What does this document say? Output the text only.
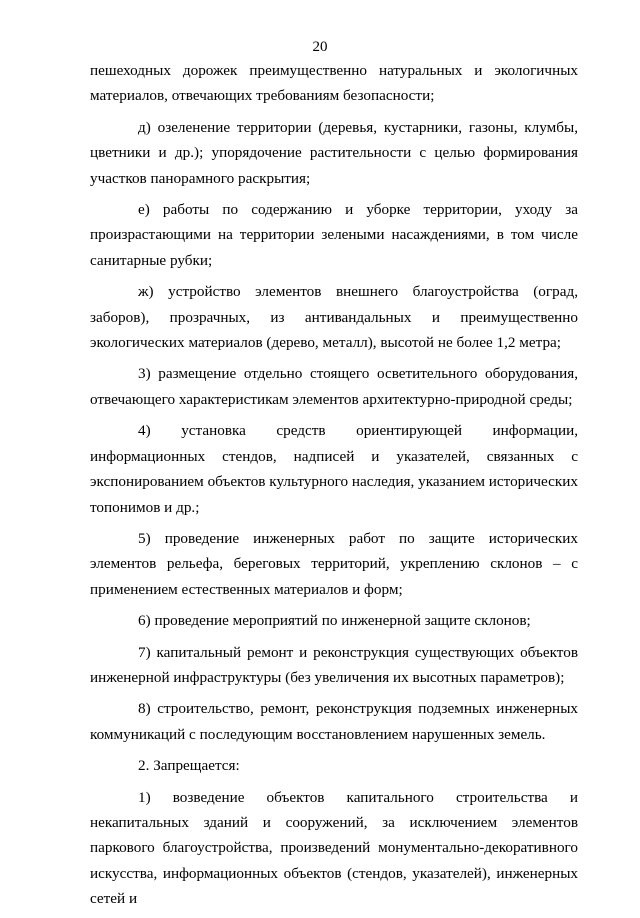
20

пешеходных дорожек преимущественно натуральных и экологичных материалов, отвечающих требованиям безопасности;

д) озеленение территории (деревья, кустарники, газоны, клумбы, цветники и др.); упорядочение растительности с целью формирования участков панорамного раскрытия;

е) работы по содержанию и уборке территории, уходу за произрастающими на территории зелеными насаждениями, в том числе санитарные рубки;

ж) устройство элементов внешнего благоустройства (оград, заборов), прозрачных, из антивандальных и преимущественно экологических материалов (дерево, металл), высотой не более 1,2 метра;

3) размещение отдельно стоящего осветительного оборудования, отвечающего характеристикам элементов архитектурно-природной среды;

4) установка средств ориентирующей информации, информационных стендов, надписей и указателей, связанных с экспонированием объектов культурного наследия, указанием исторических топонимов и др.;

5) проведение инженерных работ по защите исторических элементов рельефа, береговых территорий, укреплению склонов – с применением естественных материалов и форм;

6) проведение мероприятий по инженерной защите склонов;

7) капитальный ремонт и реконструкция существующих объектов инженерной инфраструктуры (без увеличения их высотных параметров);

8) строительство, ремонт, реконструкция подземных инженерных коммуникаций с последующим восстановлением нарушенных земель.

2. Запрещается:

1) возведение объектов капитального строительства и некапитальных зданий и сооружений, за исключением элементов паркового благоустройства, произведений монументально-декоративного искусства, информационных объектов (стендов, указателей), инженерных сетей и
